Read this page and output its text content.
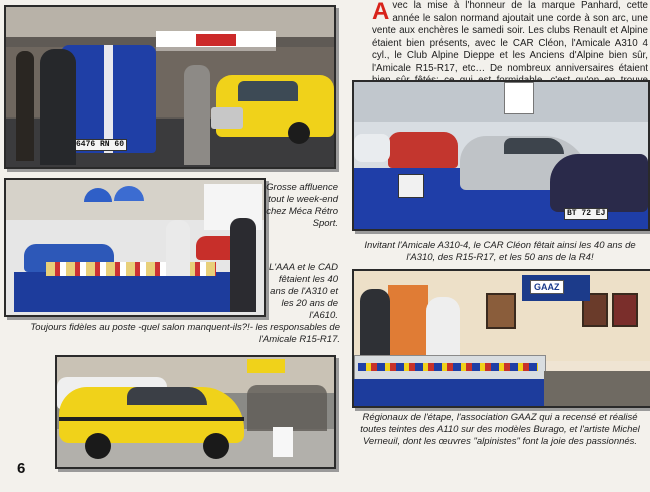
6476 RN 60

Grosse affluence tout le week-end chez Méca Rétro Sport.

L'AAA et le CAD fêtaient les 40 ans de l'A310 et les 20 ans de l'A610.

Toujours fidèles au poste -quel salon manquent-ils?!- les responsables de l'Amicale R15-R17.

Avec la mise à l'honneur de la marque Panhard, cette année le salon normand ajoutait une corde à son arc, une vente aux enchères le samedi soir. Les clubs Renault et Alpine étaient bien présents, avec le CAR Cléon, l'Amicale A310 4 cyl., le Club Alpine Dieppe et les Anciens d'Alpine bien sûr, l'Amicale R15-R17, etc… De nombreux anniversaires étaient

BT 72 EJ

Invitant l'Amicale A310-4, le CAR Cléon fêtait ainsi les 40 ans de l'A310, des R15-R17, et les 50 ans de la R4!

GAAZ

Régionaux de l'étape, l'association GAAZ qui a recensé et réalisé toutes teintes des A110 sur des modèles Burago, et l'artiste Michel Verneuil, dont les œuvres "alpinistes" font la joie des passionnés.

6
